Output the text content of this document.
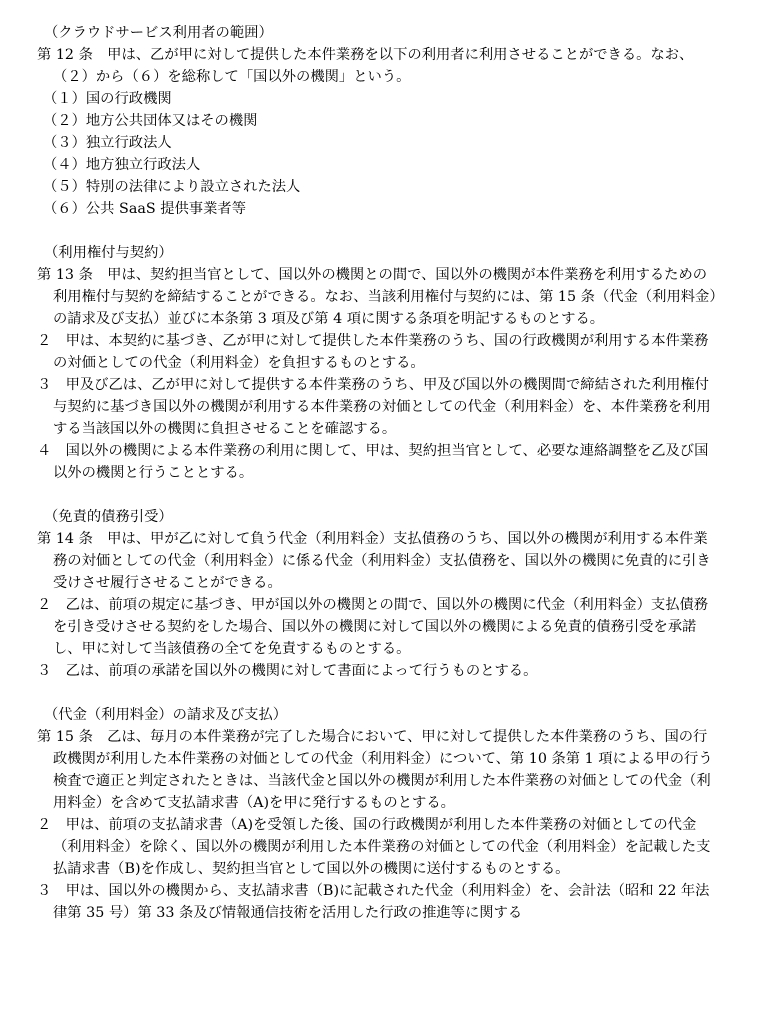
（クラウドサービス利用者の範囲）
第 12 条　甲は、乙が甲に対して提供した本件業務を以下の利用者に利用させることができる。なお、（２）から（６）を総称して「国以外の機関」という。
（１）国の行政機関
（２）地方公共団体又はその機関
（３）独立行政法人
（４）地方独立行政法人
（５）特別の法律により設立された法人
（６）公共 SaaS 提供事業者等
（利用権付与契約）
第 13 条　甲は、契約担当官として、国以外の機関との間で、国以外の機関が本件業務を利用するための利用権付与契約を締結することができる。なお、当該利用権付与契約には、第 15 条（代金（利用料金）の請求及び支払）並びに本条第 3 項及び第 4 項に関する条項を明記するものとする。
２　甲は、本契約に基づき、乙が甲に対して提供した本件業務のうち、国の行政機関が利用する本件業務の対価としての代金（利用料金）を負担するものとする。
３　甲及び乙は、乙が甲に対して提供する本件業務のうち、甲及び国以外の機関間で締結された利用権付与契約に基づき国以外の機関が利用する本件業務の対価としての代金（利用料金）を、本件業務を利用する当該国以外の機関に負担させることを確認する。
４　国以外の機関による本件業務の利用に関して、甲は、契約担当官として、必要な連絡調整を乙及び国以外の機関と行うこととする。
（免責的債務引受）
第 14 条　甲は、甲が乙に対して負う代金（利用料金）支払債務のうち、国以外の機関が利用する本件業務の対価としての代金（利用料金）に係る代金（利用料金）支払債務を、国以外の機関に免責的に引き受けさせ履行させることができる。
２　乙は、前項の規定に基づき、甲が国以外の機関との間で、国以外の機関に代金（利用料金）支払債務を引き受けさせる契約をした場合、国以外の機関に対して国以外の機関による免責的債務引受を承諾し、甲に対して当該債務の全てを免責するものとする。
３　乙は、前項の承諾を国以外の機関に対して書面によって行うものとする。
（代金（利用料金）の請求及び支払）
第 15 条　乙は、毎月の本件業務が完了した場合において、甲に対して提供した本件業務のうち、国の行政機関が利用した本件業務の対価としての代金（利用料金）について、第 10 条第 1 項による甲の行う検査で適正と判定されたときは、当該代金と国以外の機関が利用した本件業務の対価としての代金（利用料金）を含めて支払請求書（A)を甲に発行するものとする。
２　甲は、前項の支払請求書（A)を受領した後、国の行政機関が利用した本件業務の対価としての代金（利用料金）を除く、国以外の機関が利用した本件業務の対価としての代金（利用料金）を記載した支払請求書（B)を作成し、契約担当官として国以外の機関に送付するものとする。
３　甲は、国以外の機関から、支払請求書（B)に記載された代金（利用料金）を、会計法（昭和 22 年法律第 35 号）第 33 条及び情報通信技術を活用した行政の推進等に関する
